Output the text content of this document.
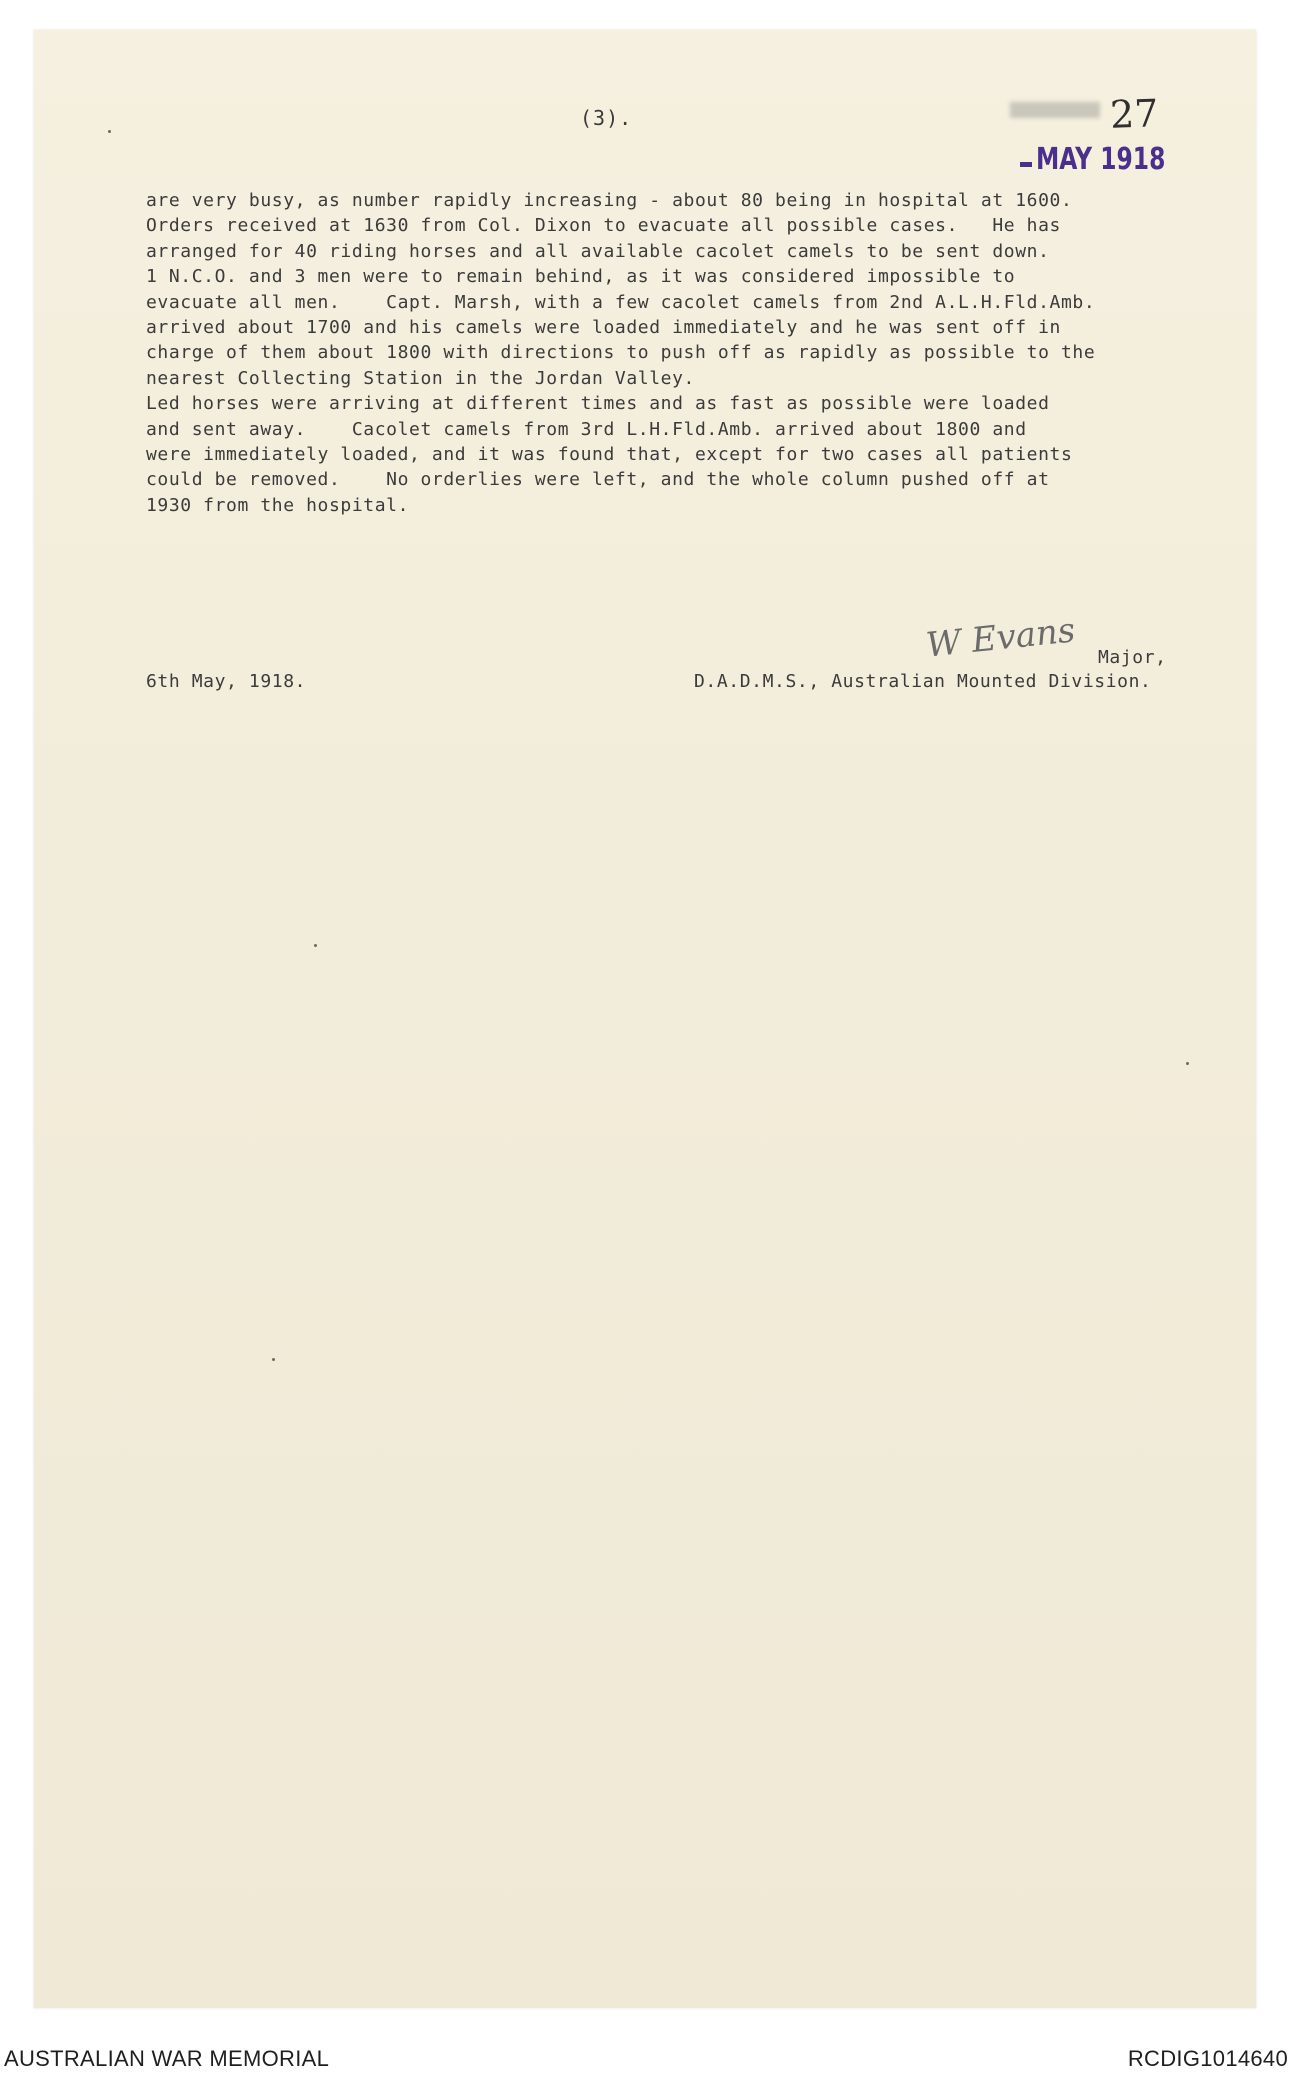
(3).	27
MAY 1918
are very busy, as number rapidly increasing - about 80 being in hospital at 1600.
Orders received at 1630 from Col. Dixon to evacuate all possible cases.   He has
arranged for 40 riding horses and all available cacolet camels to be sent down.
1 N.C.O. and 3 men were to remain behind, as it was considered impossible to
evacuate all men.    Capt. Marsh, with a few cacolet camels from 2nd A.L.H.Fld.Amb.
arrived about 1700 and his camels were loaded immediately and he was sent off in
charge of them about 1800 with directions to push off as rapidly as possible to the
nearest Collecting Station in the Jordan Valley.
Led horses were arriving at different times and as fast as possible were loaded
and sent away.    Cacolet camels from 3rd L.H.Fld.Amb. arrived about 1800 and
were immediately loaded, and it was found that, except for two cases all patients
could be removed.    No orderlies were left, and the whole column pushed off at
1930 from the hospital.
W Evans Major,
6th May, 1918.	D.A.D.M.S., Australian Mounted Division.
AUSTRALIAN WAR MEMORIAL	RCDIG1014640
